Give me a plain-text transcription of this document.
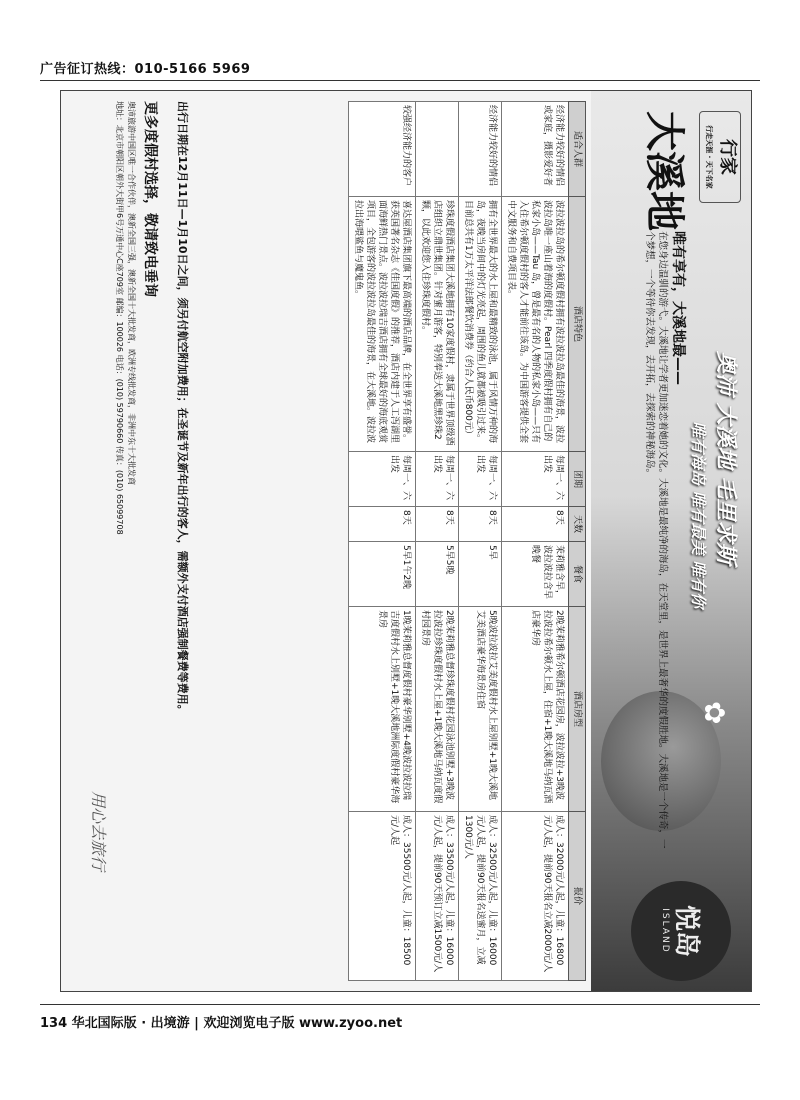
广告征订热线：010-5166 5969
✿
行家
行走天涯 · 天下名家
奥沛 大溪地 毛里求斯
唯有海岛 唯有最美 唯有你
大溪地
唯有享有，大溪地最——
在您身边温驯的游弋。大溪地让学者更加迷恋着她的文化。大溪地是最纯净的海岛，在天堂里，是世界上最奢华的度假胜地。大溪地是一个传奇，一个梦想，一个等待你去发现，去开拓，去探索的神秘海岛。
悦岛
ISLAND
适合人群	酒店特色	团期	天数	餐食	酒店房型	报价
经济能力较好的情侣或家庭，摄影爱好者	波拉波拉岛的希尔顿度假村拥有波拉波拉岛最佳的海景，波拉波拉岛唯一座山着海的度假村。Pearl 四季度假村拥有自己的私家小岛——Tau 岛，曾是最有名的人物的私家小岛——只有入住希尔顿度假村的客人才能前往该岛。为中国游客提供全套中文服务和自费项目表。	每周一、六出发	8天	茉莉雅含早，波拉波拉含早晚餐	2晚茉莉雅希尔顿酒店花园房，波拉波拉+3晚波拉波拉希尔顿水上屋，住宿+1晚大溪地马纳瓦酒店豪华房	成人：32000元/人起，儿童：16800元/人起，提前90天报名立减2000元/人
经济能力较好的情侣	拥有全世界最大的水上屋和最精致的泳池，属于风情万种的海岛，夜晚当房间中的灯光亮起，周围的鱼儿就都被吸引过来。目前总共有1万太平洋法郎餐饮消费券（约合人民币800元）	每周一、六出发	8天	5早	5晚波拉波拉艾美度假村水上屋别墅+1晚大溪地艾美酒店豪华海景房住宿	成人：32500元/人起，儿童：16000元/人起，提前90天报名送蜜月，立减1300元/人
	珍珠度假酒店集团大溪地拥有10家度假村，隶属于世界顶级酒店组织立鼎世集团。针对蜜月游客，特别奉送大溪地黑珍珠2颗，以此欢迎您入住珍珠度假村。	每周一、六出发	8天	5早5晚	2晚茉莉雅总督珍珠度假村花园泳池别墅+3晚波拉波拉珍珠度假村水上屋+1晚大溪地马纳瓦度假村园景房	成人：33500元/人起，儿童：16000元/人起，提前90天预订立减1500元/人
较强经济能力的客户	喜达屋酒店集团旗下最高端的酒店品牌，在全世界享有盛誉。获英国著名杂志《佳国度假》的推荐，酒店内建于人工泻湖里面海鲜热门景点。波拉波拉瑞吉酒店拥有全球最好的海底观赏项目，全包游客的波拉波拉岛最佳的海景，在大溪地。波拉波拉出海喂鲨鱼与魔鬼鱼。	每周一、六出发	8天	5早1午2晚	1晚茉莉雅总督度假村豪华别墅+4晚波拉波拉瑞吉度假村水上别墅+1晚大溪地洲际度假村豪华海景房	成人：35500元/人起，儿童：18500元/人起
出行日期在12月11日—1月10日之间，须另付航空附加费用；在圣诞节及新年出行的客人，需额外支付酒店强制餐费等费用。
更多度假村选择，敬请致电垂询
奥沛旅游中国区唯一合作伙伴，澳新全国三强，澳新全国十大批发商，欧洲专线批发商，非洲中东十大批发商
地址：北京市朝阳区朝外大街甲6号万通中心C座709室 邮编：100026 电话：(010) 59790660 传真：(010) 65099708
用心去旅行
134 华北国际版 · 出境游 | 欢迎浏览电子版 www.zyoo.net
